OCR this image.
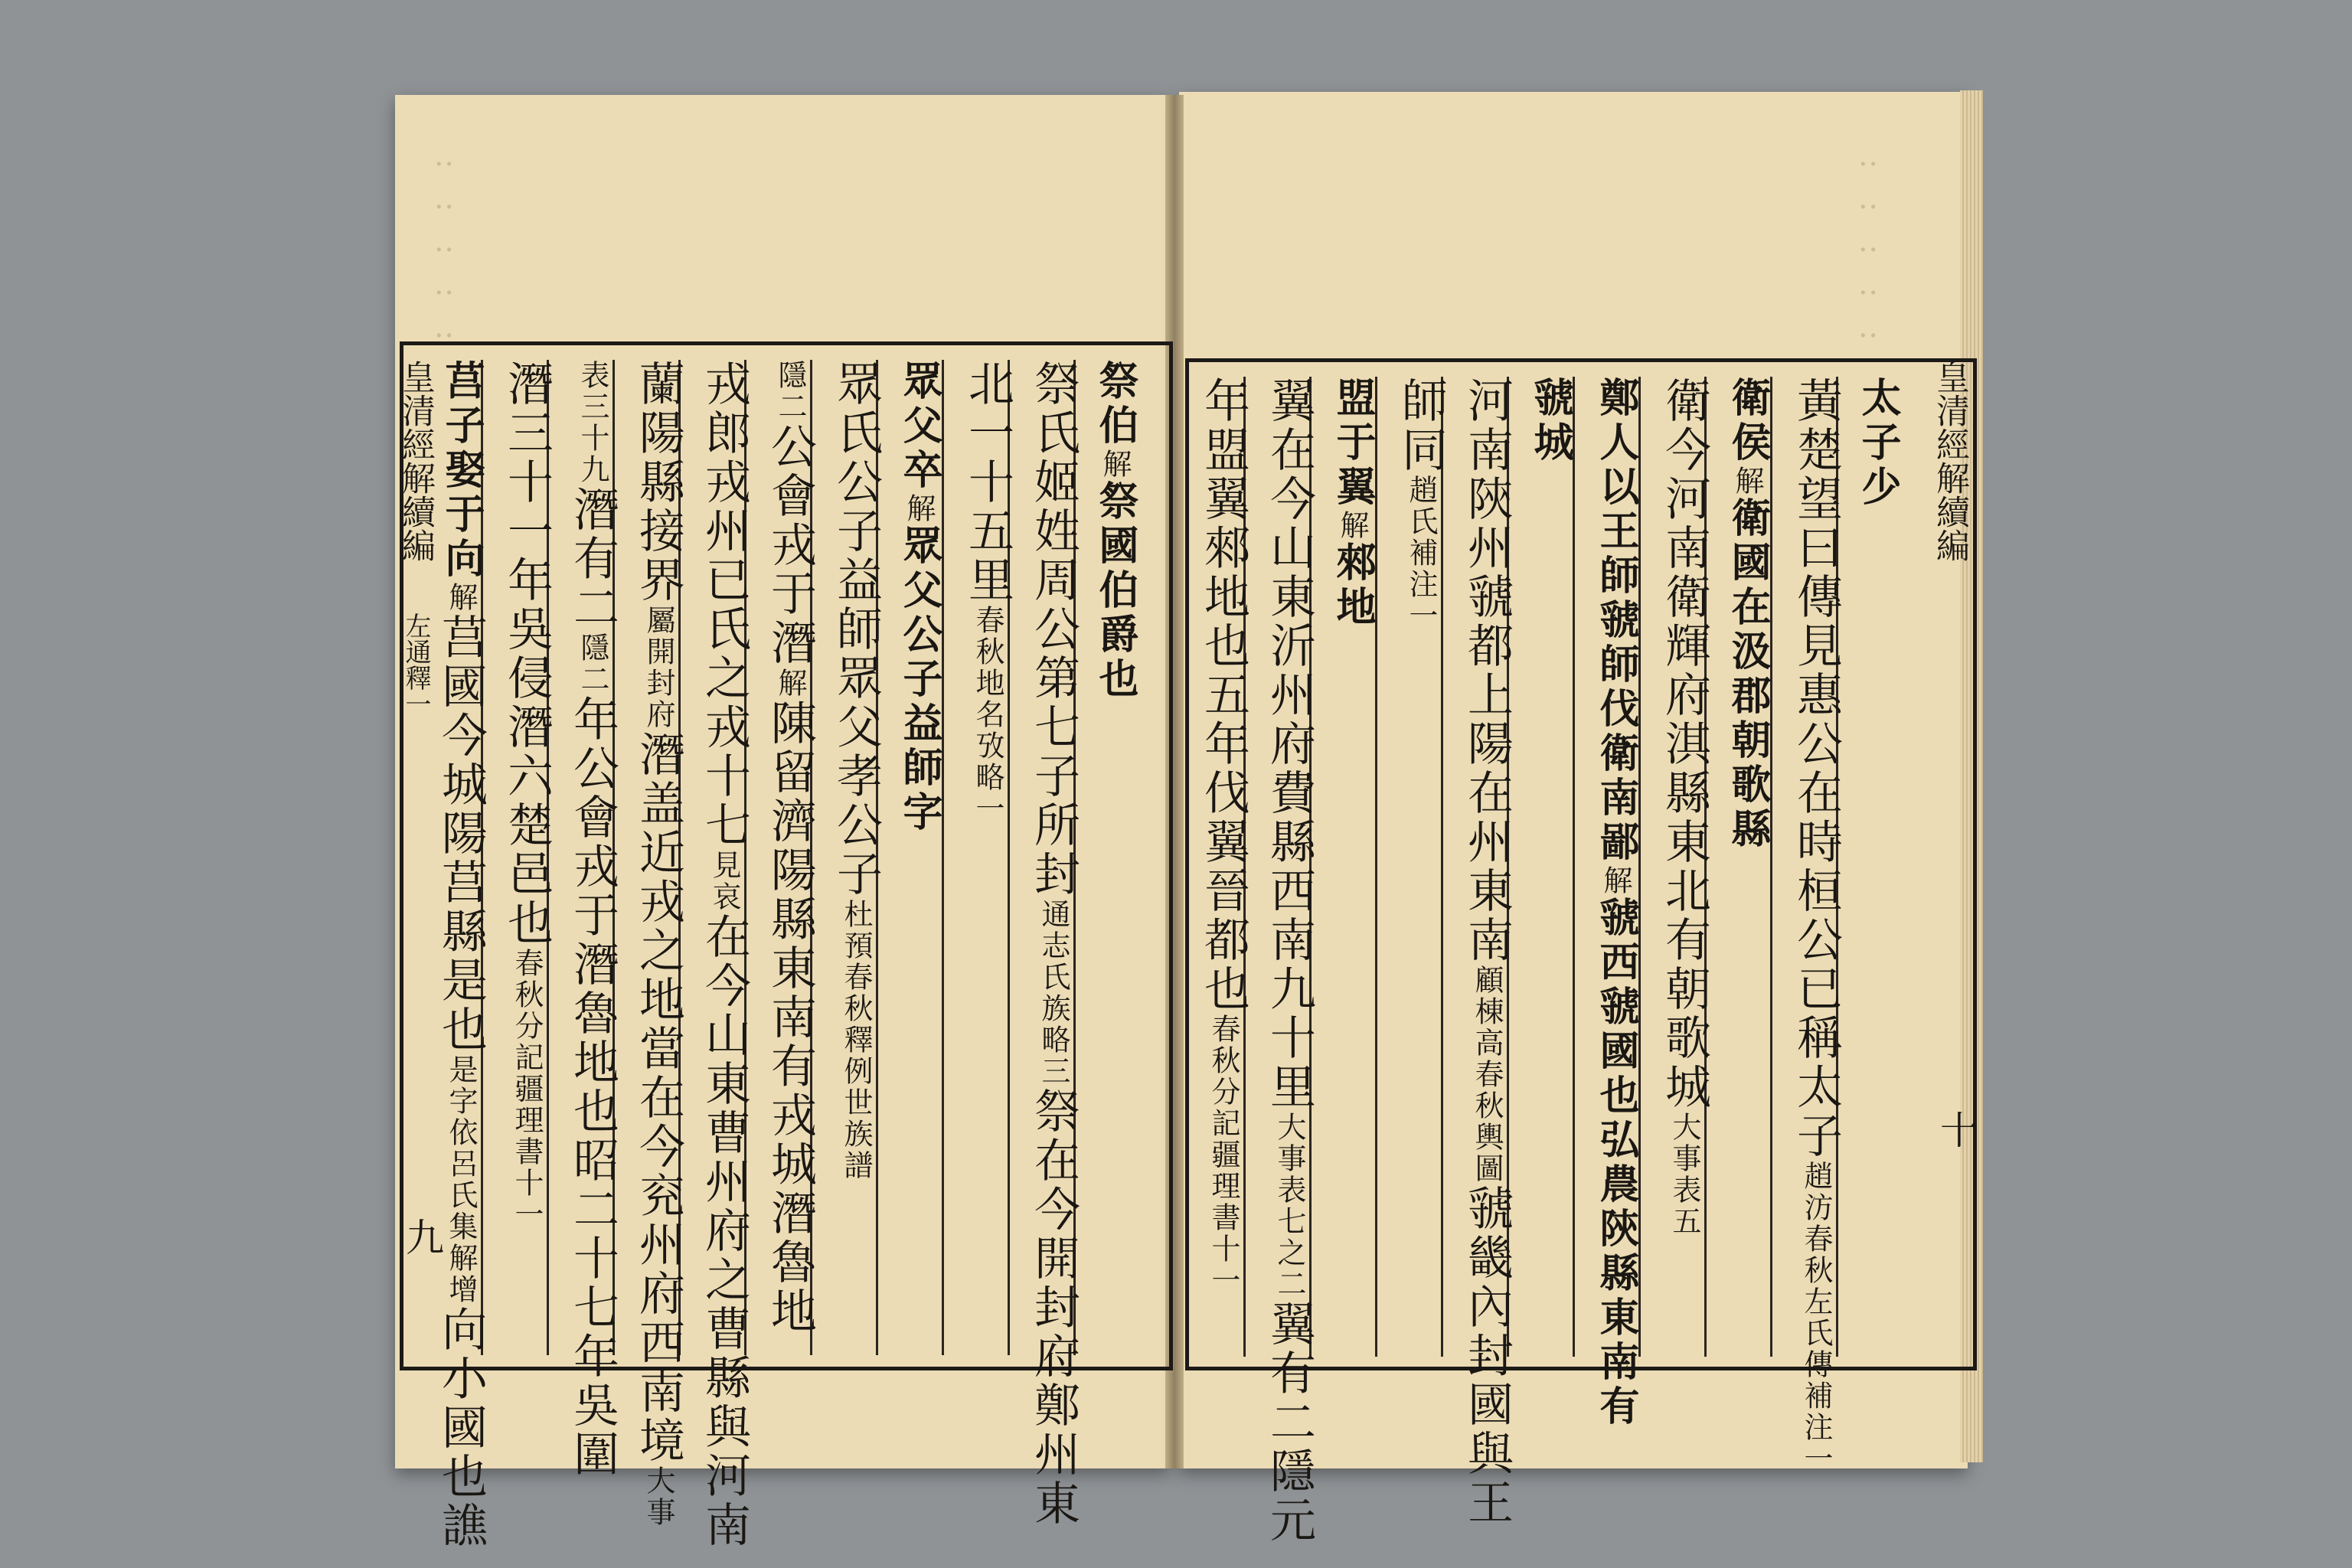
‥‥‥‥‥	‥‥‥‥‥
祭伯解祭國伯爵也
祭氏姬姓周公第七子所封通志氏族略三祭在今開封府鄭州東
北一十五里春秋地名攷略一
眾父卒解眾父公子益師字
眾氏公子益師眾父孝公子杜預春秋釋例世族譜
隱二公會戎于潛解陳留濟陽縣東南有戎城潛魯地
戎郎戎州已氏之戎十七見哀在今山東曹州府之曹縣與河南
蘭陽縣接界屬開封府潛盖近戎之地當在今兖州府西南境大事
表三十九潛有二隱二年公會戎于潛魯地也昭二十七年吳圍
潛三十一年吳侵潛六楚邑也春秋分記疆理書十一
莒子娶于向解莒國今城陽莒縣是也是字依呂氏集解增向小國也譙
皇清經解續編
左通釋一
九
皇清經解續編
十
太子少
黃楚望曰傳見惠公在時桓公已稱太子趙汸春秋左氏傳補注一
衛侯解衛國在汲郡朝歌縣
衛今河南衛輝府淇縣東北有朝歌城大事表五
鄭人以王師虢師伐衛南鄙解虢西虢國也弘農陝縣東南有
虢城
河南陝州虢都上陽在州東南顧棟高春秋輿圖虢畿內封國與王
師同趙氏補注一
盟于翼解郲地
翼在今山東沂州府費縣西南九十里大事表七之二翼有二隱元
年盟翼郲地也五年伐翼晉都也春秋分記疆理書十一
